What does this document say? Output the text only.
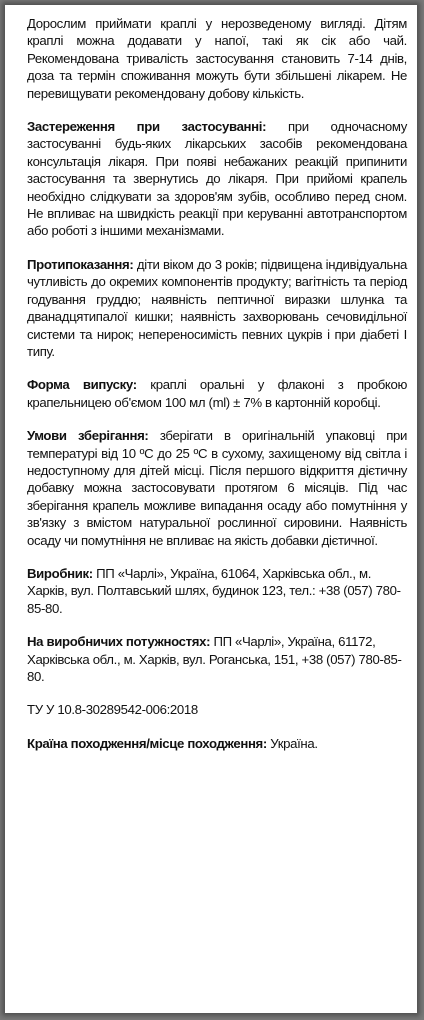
Дорослим приймати краплі у нерозведеному вигляді. Дітям краплі можна додавати у напої, такі як сік або чай. Рекомендована тривалість застосування становить 7-14 днів, доза та термін споживання можуть бути збільшені лікарем. Не перевищувати рекомендовану добову кількість.

Застереження при застосуванні: при одночасному застосуванні будь-яких лікарських засобів рекомендована консультація лікаря. При появі небажаних реакцій припинити застосування та звернутись до лікаря. При прийомі крапель необхідно слідкувати за здоров'ям зубів, особливо перед сном. Не впливає на швидкість реакції при керуванні автотранспортом або роботі з іншими механізмами.

Протипоказання: діти віком до 3 років; підвищена індивідуальна чутливість до окремих компонентів продукту; вагітність та період годування груддю; наявність пептичної виразки шлунка та дванадцятипалої кишки; наявність захворювань сечовидільної системи та нирок; непереносимість певних цукрів і при діабеті I типу.

Форма випуску: краплі оральні у флаконі з пробкою крапельницею об'ємом 100 мл (ml) ± 7% в картонній коробці.

Умови зберігання: зберігати в оригінальній упаковці при температурі від 10 ºС до 25 ºС в сухому, захищеному від світла і недоступному для дітей місці. Після першого відкриття дієтичну добавку можна застосовувати протягом 6 місяців. Під час зберігання крапель можливе випадання осаду або помутніння у зв'язку з вмістом натуральної рослинної сировини. Наявність осаду чи помутніння не впливає на якість добавки дієтичної.

Виробник: ПП «Чарлі», Україна, 61064, Харківська обл., м. Харків, вул. Полтавський шлях, будинок 123, тел.: +38 (057) 780-85-80.

На виробничих потужностях: ПП «Чарлі», Україна, 61172, Харківська обл., м. Харків, вул. Роганська, 151, +38 (057) 780-85-80.

ТУ У 10.8-30289542-006:2018

Країна походження/місце походження: Україна.
